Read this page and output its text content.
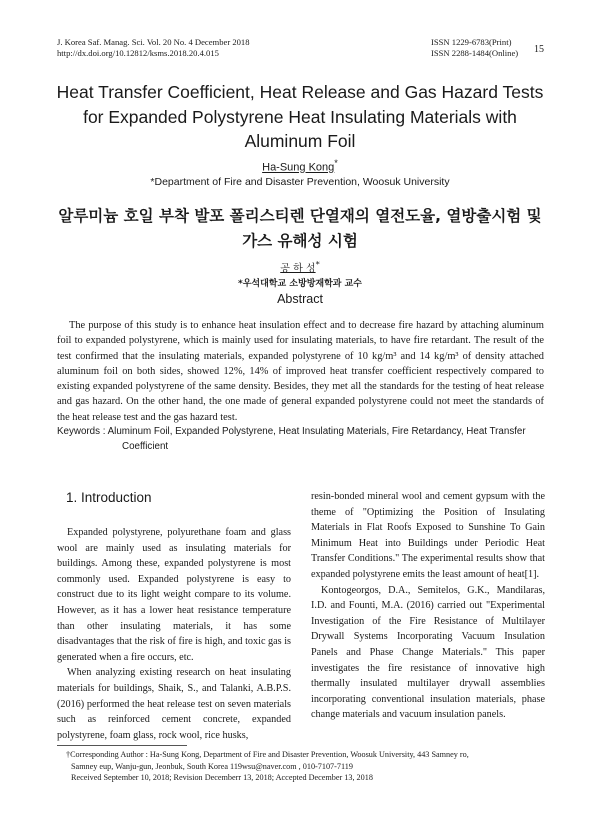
J. Korea Saf. Manag. Sci. Vol. 20 No. 4 December 2018
http://dx.doi.org/10.12812/ksms.2018.20.4.015
ISSN 1229-6783(Print)
ISSN 2288-1484(Online) 15
Heat Transfer Coefficient, Heat Release and Gas Hazard Tests
for Expanded Polystyrene Heat Insulating Materials with
Aluminum Foil
Ha-Sung Kong*
*Department of Fire and Disaster Prevention, Woosuk University
알루미늄 호일 부착 발포 폴리스티렌 단열재의 열전도율, 열방출시험 및
가스 유해성 시험
공 하 성*
*우석대학교 소방방재학과 교수
Abstract

The purpose of this study is to enhance heat insulation effect and to decrease fire hazard by attaching aluminum foil to expanded polystyrene, which is mainly used for insulating materials, to have fire retardant. The result of the test confirmed that the insulating materials, expanded polystyrene of 10 kg/m³ and 14 kg/m³ of density attached aluminum foil on both sides, showed 12%, 14% of improved heat transfer coefficient respectively compared to existing expanded polystyrene of the same density. Besides, they met all the standards for the testing of heat release and gas hazard. On the other hand, the one made of general expanded polystyrene could not meet the standards of the heat release test and the gas hazard test.

Keywords : Aluminum Foil, Expanded Polystyrene, Heat Insulating Materials, Fire Retardancy, Heat Transfer Coefficient
1. Introduction

Expanded polystyrene, polyurethane foam and glass wool are mainly used as insulating materials for buildings. Among these, expanded polystyrene is most commonly used. Expanded polystyrene is easy to construct due to its light weight compare to its volume. However, as it has a lower heat resistance temperature than other insulating materials, it has some disadvantages that the risk of fire is high, and toxic gas is generated when a fire occurs, etc.

When analyzing existing research on heat insulating materials for buildings, Shaik, S., and Talanki, A.B.P.S. (2016) performed the heat release test on seven materials such as reinforced cement concrete, expanded polystyrene, foam glass, rock wool, rice husks,

resin-bonded mineral wool and cement gypsum with the theme of "Optimizing the Position of Insulating Materials in Flat Roofs Exposed to Sunshine To Gain Minimum Heat into Buildings under Periodic Heat Transfer Conditions." The experimental results show that expanded polystyrene emits the least amount of heat[1].

Kontogeorgos, D.A., Semitelos, G.K., Mandilaras, I.D. and Founti, M.A. (2016) carried out "Experimental Investigation of the Fire Resistance of Multilayer Drywall Systems Incorporating Vacuum Insulation Panels and Phase Change Materials." This paper investigates the fire resistance of innovative high thermally insulated multilayer drywall assemblies incorporating conventional insulation materials, phase change materials and vacuum insulation panels.

†Corresponding Author : Ha-Sung Kong, Department of Fire and Disaster Prevention, Woosuk University, 443 Samney ro,
Samney eup, Wanju-gun, Jeonbuk, South Korea 119wsu@naver.com , 010-7107-7119
Received September 10, 2018; Revision Decemberr 13, 2018; Accepted December 13, 2018
